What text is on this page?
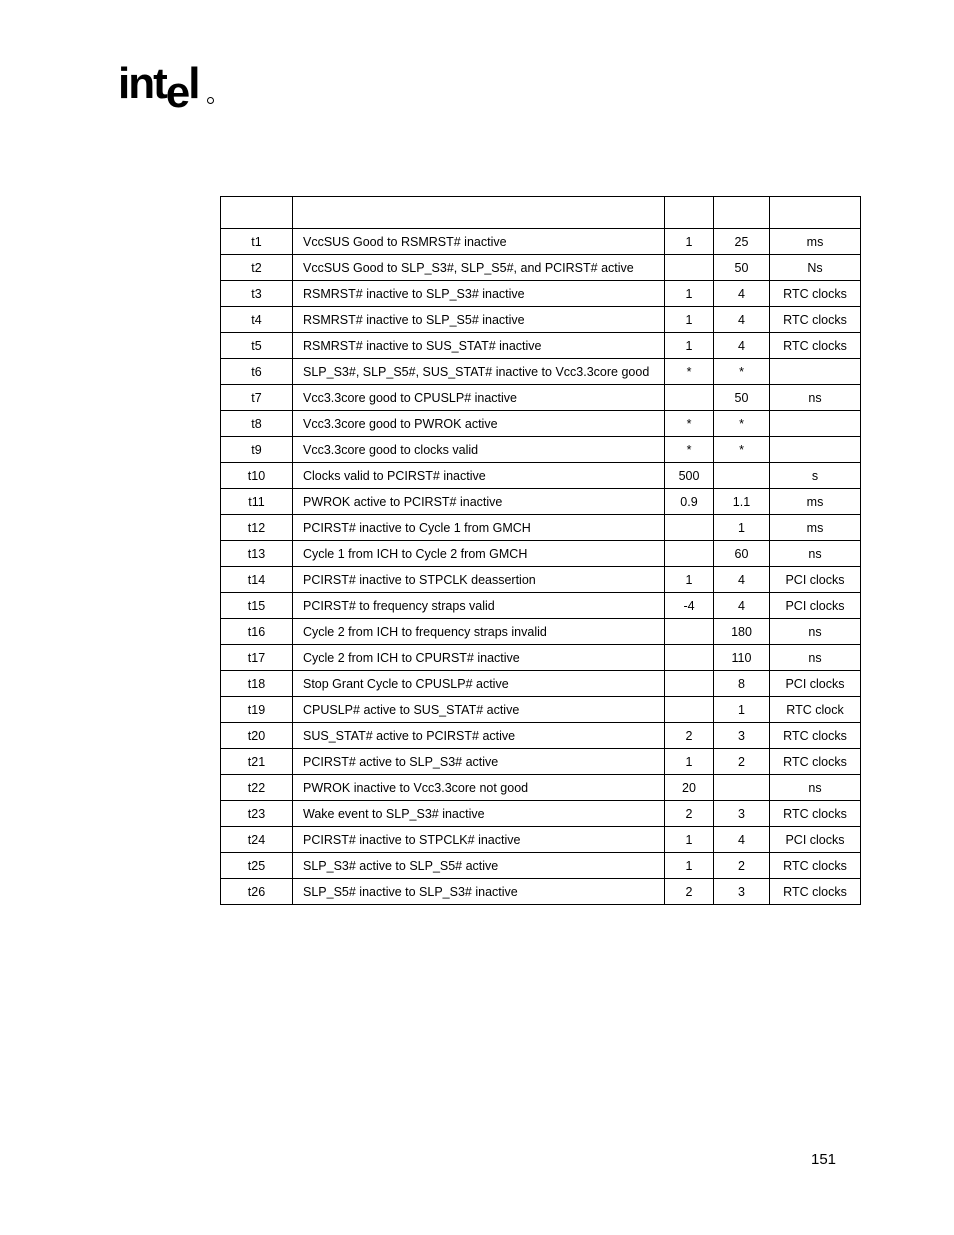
intel

t1	VccSUS Good to RSMRST# inactive	1	25	ms
t2	VccSUS Good to SLP_S3#, SLP_S5#, and PCIRST# active		50	Ns
t3	RSMRST# inactive to SLP_S3# inactive	1	4	RTC clocks
t4	RSMRST# inactive to SLP_S5# inactive	1	4	RTC clocks
t5	RSMRST# inactive to SUS_STAT# inactive	1	4	RTC clocks
t6	SLP_S3#, SLP_S5#, SUS_STAT# inactive to Vcc3.3core good	*	*	
t7	Vcc3.3core good to CPUSLP# inactive		50	ns
t8	Vcc3.3core good to PWROK active	*	*	
t9	Vcc3.3core good to clocks valid	*	*	
t10	Clocks valid to PCIRST# inactive	500		s
t11	PWROK active to PCIRST# inactive	0.9	1.1	ms
t12	PCIRST# inactive to Cycle 1 from GMCH		1	ms
t13	Cycle 1 from ICH to Cycle 2 from GMCH		60	ns
t14	PCIRST# inactive to STPCLK deassertion	1	4	PCI clocks
t15	PCIRST# to frequency straps valid	-4	4	PCI clocks
t16	Cycle 2 from ICH to frequency straps invalid		180	ns
t17	Cycle 2 from ICH to CPURST# inactive		110	ns
t18	Stop Grant Cycle to CPUSLP# active		8	PCI clocks
t19	CPUSLP# active to SUS_STAT# active		1	RTC clock
t20	SUS_STAT# active to PCIRST# active	2	3	RTC clocks
t21	PCIRST# active to SLP_S3# active	1	2	RTC clocks
t22	PWROK inactive to Vcc3.3core not good	20		ns
t23	Wake event to SLP_S3# inactive	2	3	RTC clocks
t24	PCIRST# inactive to STPCLK# inactive	1	4	PCI clocks
t25	SLP_S3# active to SLP_S5# active	1	2	RTC clocks
t26	SLP_S5# inactive to SLP_S3# inactive	2	3	RTC clocks
151
